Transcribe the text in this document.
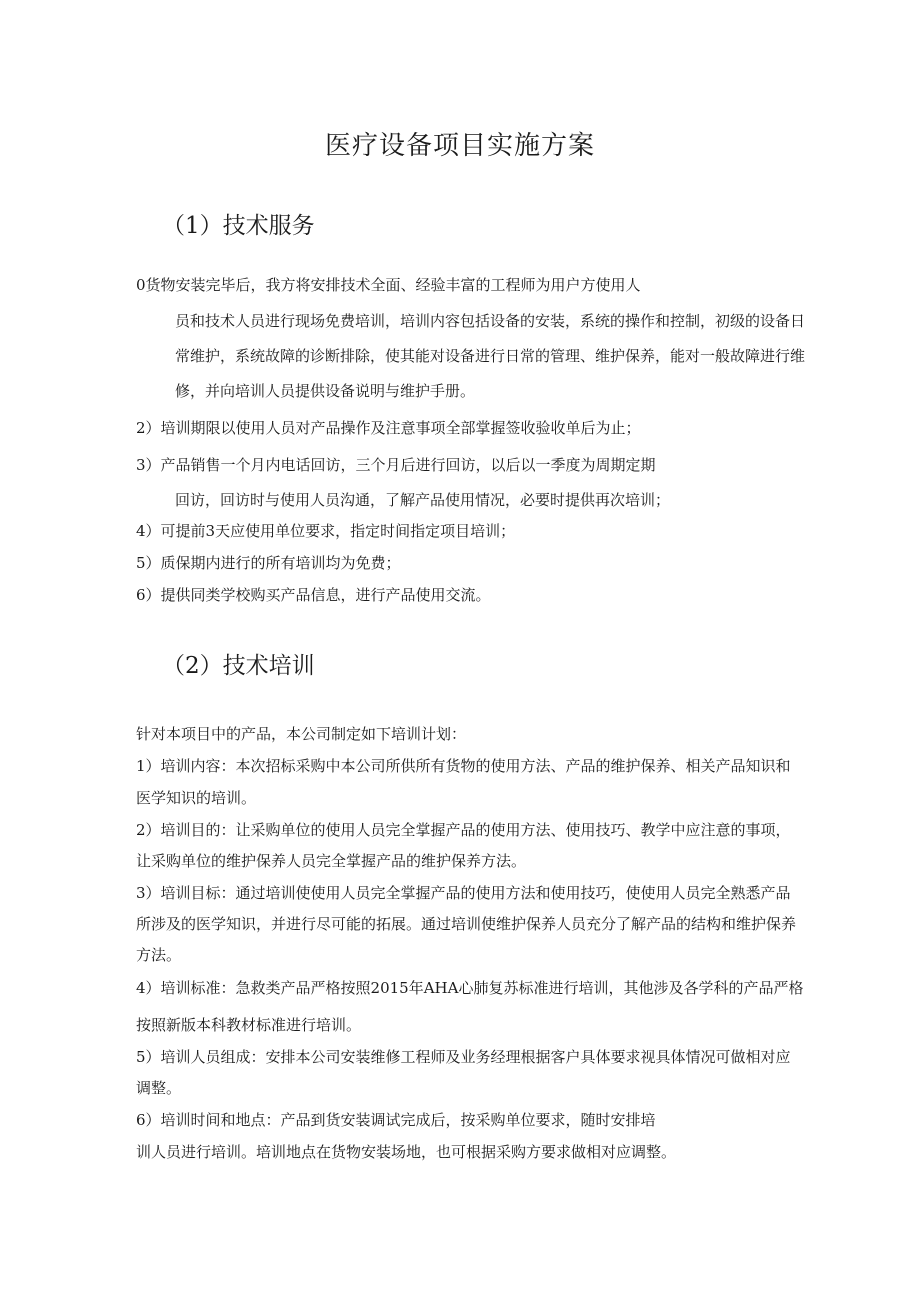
医疗设备项目实施方案
（1）技术服务
0货物安装完毕后，我方将安排技术全面、经验丰富的工程师为用户方使用人
员和技术人员进行现场免费培训，培训内容包括设备的安装，系统的操作和控制，初级的设备日
常维护，系统故障的诊断排除，使其能对设备进行日常的管理、维护保养，能对一般故障进行维
修，并向培训人员提供设备说明与维护手册。
2）培训期限以使用人员对产品操作及注意事项全部掌握签收验收单后为止；
3）产品销售一个月内电话回访，三个月后进行回访，以后以一季度为周期定期
回访，回访时与使用人员沟通，了解产品使用情况，必要时提供再次培训；
4）可提前3天应使用单位要求，指定时间指定项目培训；
5）质保期内进行的所有培训均为免费；
6）提供同类学校购买产品信息，进行产品使用交流。
（2）技术培训
针对本项目中的产品，本公司制定如下培训计划：
1）培训内容：本次招标采购中本公司所供所有货物的使用方法、产品的维护保养、相关产品知识和
医学知识的培训。
2）培训目的：让采购单位的使用人员完全掌握产品的使用方法、使用技巧、教学中应注意的事项，
让采购单位的维护保养人员完全掌握产品的维护保养方法。
3）培训目标：通过培训使使用人员完全掌握产品的使用方法和使用技巧，使使用人员完全熟悉产品
所涉及的医学知识，并进行尽可能的拓展。通过培训使维护保养人员充分了解产品的结构和维护保养
方法。
4）培训标准：急救类产品严格按照2015年AHA心肺复苏标准进行培训，其他涉及各学科的产品严格
按照新版本科教材标准进行培训。
5）培训人员组成：安排本公司安装维修工程师及业务经理根据客户具体要求视具体情况可做相对应
调整。
6）培训时间和地点：产品到货安装调试完成后，按采购单位要求，随时安排培
训人员进行培训。培训地点在货物安装场地，也可根据采购方要求做相对应调整。
